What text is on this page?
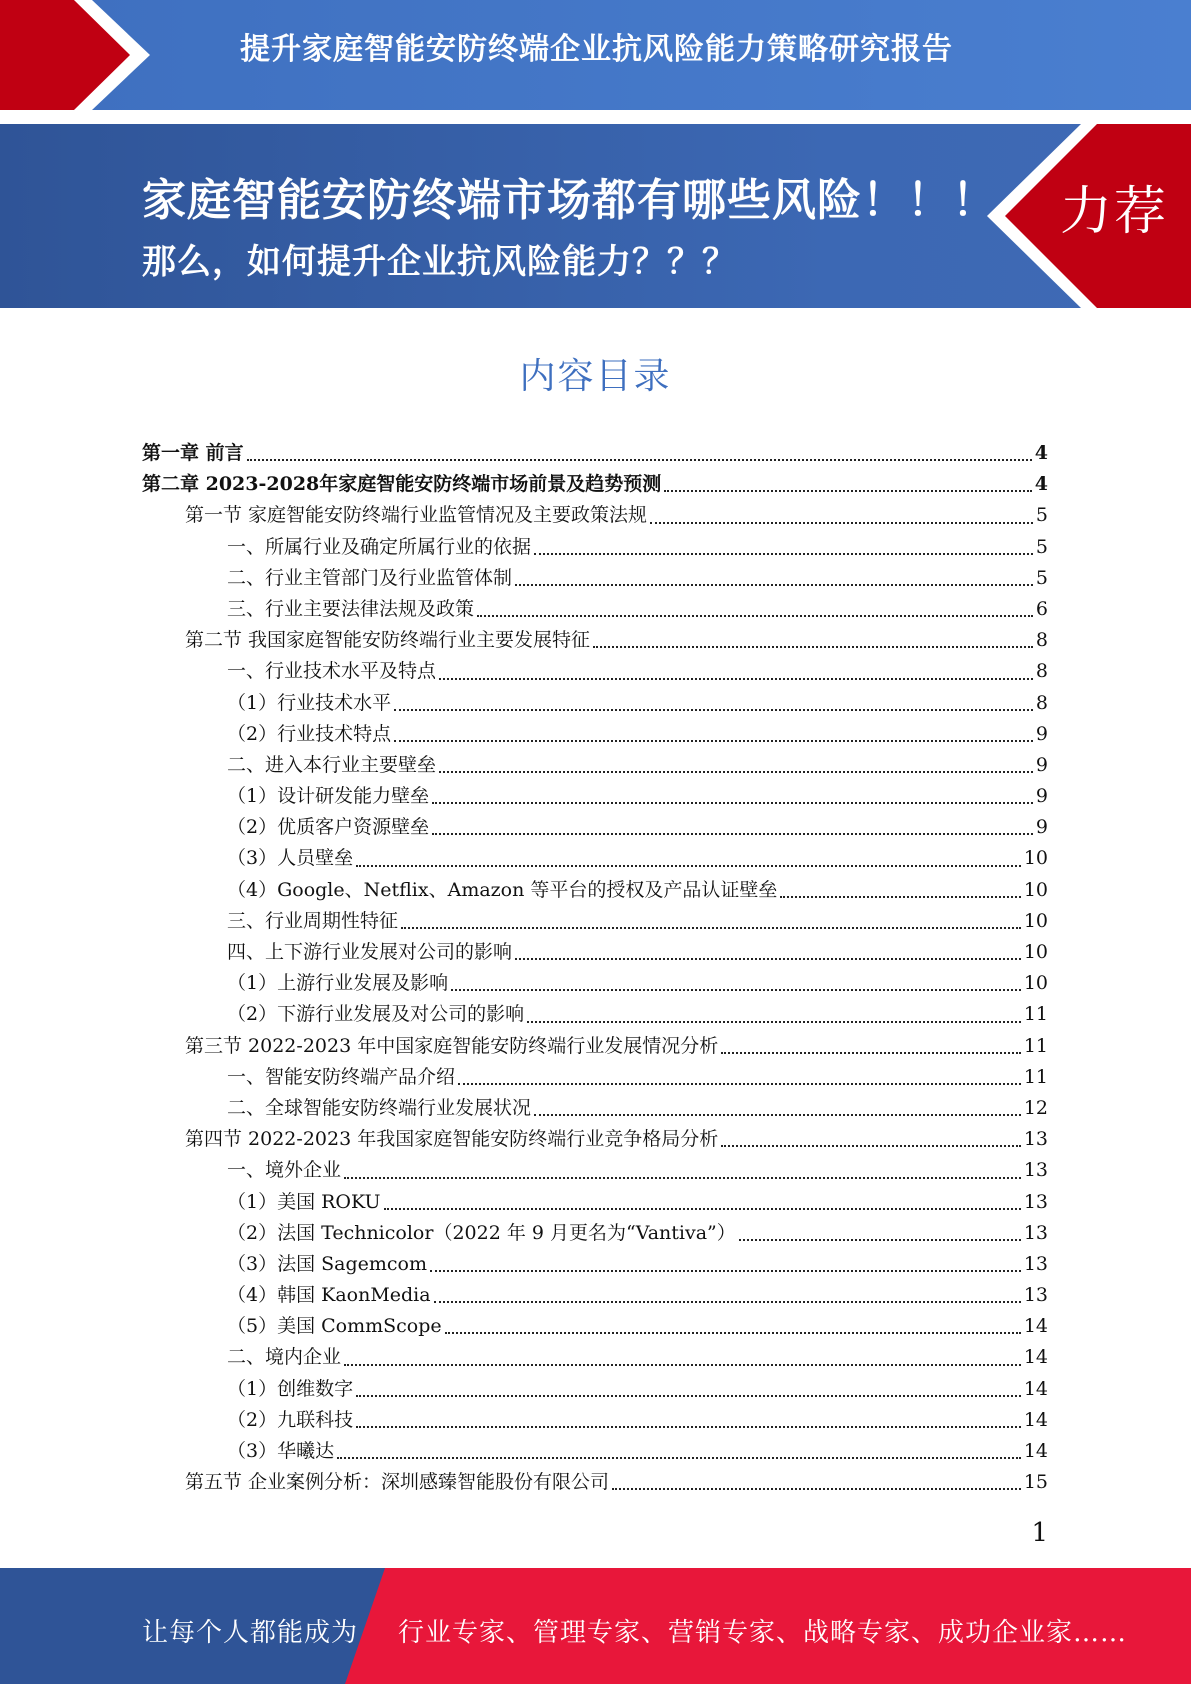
提升家庭智能安防终端企业抗风险能力策略研究报告
家庭智能安防终端市场都有哪些风险！！！
那么，如何提升企业抗风险能力？？？
力荐
内容目录
第一章 前言	4
第二章 2023-2028年家庭智能安防终端市场前景及趋势预测	4
第一节 家庭智能安防终端行业监管情况及主要政策法规	5
一、所属行业及确定所属行业的依据	5
二、行业主管部门及行业监管体制	5
三、行业主要法律法规及政策	6
第二节 我国家庭智能安防终端行业主要发展特征	8
一、行业技术水平及特点	8
（1）行业技术水平	8
（2）行业技术特点	9
二、进入本行业主要壁垒	9
（1）设计研发能力壁垒	9
（2）优质客户资源壁垒	9
（3）人员壁垒	10
（4）Google、Netflix、Amazon 等平台的授权及产品认证壁垒	10
三、行业周期性特征	10
四、上下游行业发展对公司的影响	10
（1）上游行业发展及影响	10
（2）下游行业发展及对公司的影响	11
第三节 2022-2023 年中国家庭智能安防终端行业发展情况分析	11
一、智能安防终端产品介绍	11
二、全球智能安防终端行业发展状况	12
第四节 2022-2023 年我国家庭智能安防终端行业竞争格局分析	13
一、境外企业	13
（1）美国 ROKU	13
（2）法国 Technicolor（2022 年 9 月更名为“Vantiva”）	13
（3）法国 Sagemcom	13
（4）韩国 KaonMedia	13
（5）美国 CommScope	14
二、境内企业	14
（1）创维数字	14
（2）九联科技	14
（3）华曦达	14
第五节 企业案例分析：深圳感臻智能股份有限公司	15
1
让每个人都能成为 行业专家、管理专家、营销专家、战略专家、成功企业家……
